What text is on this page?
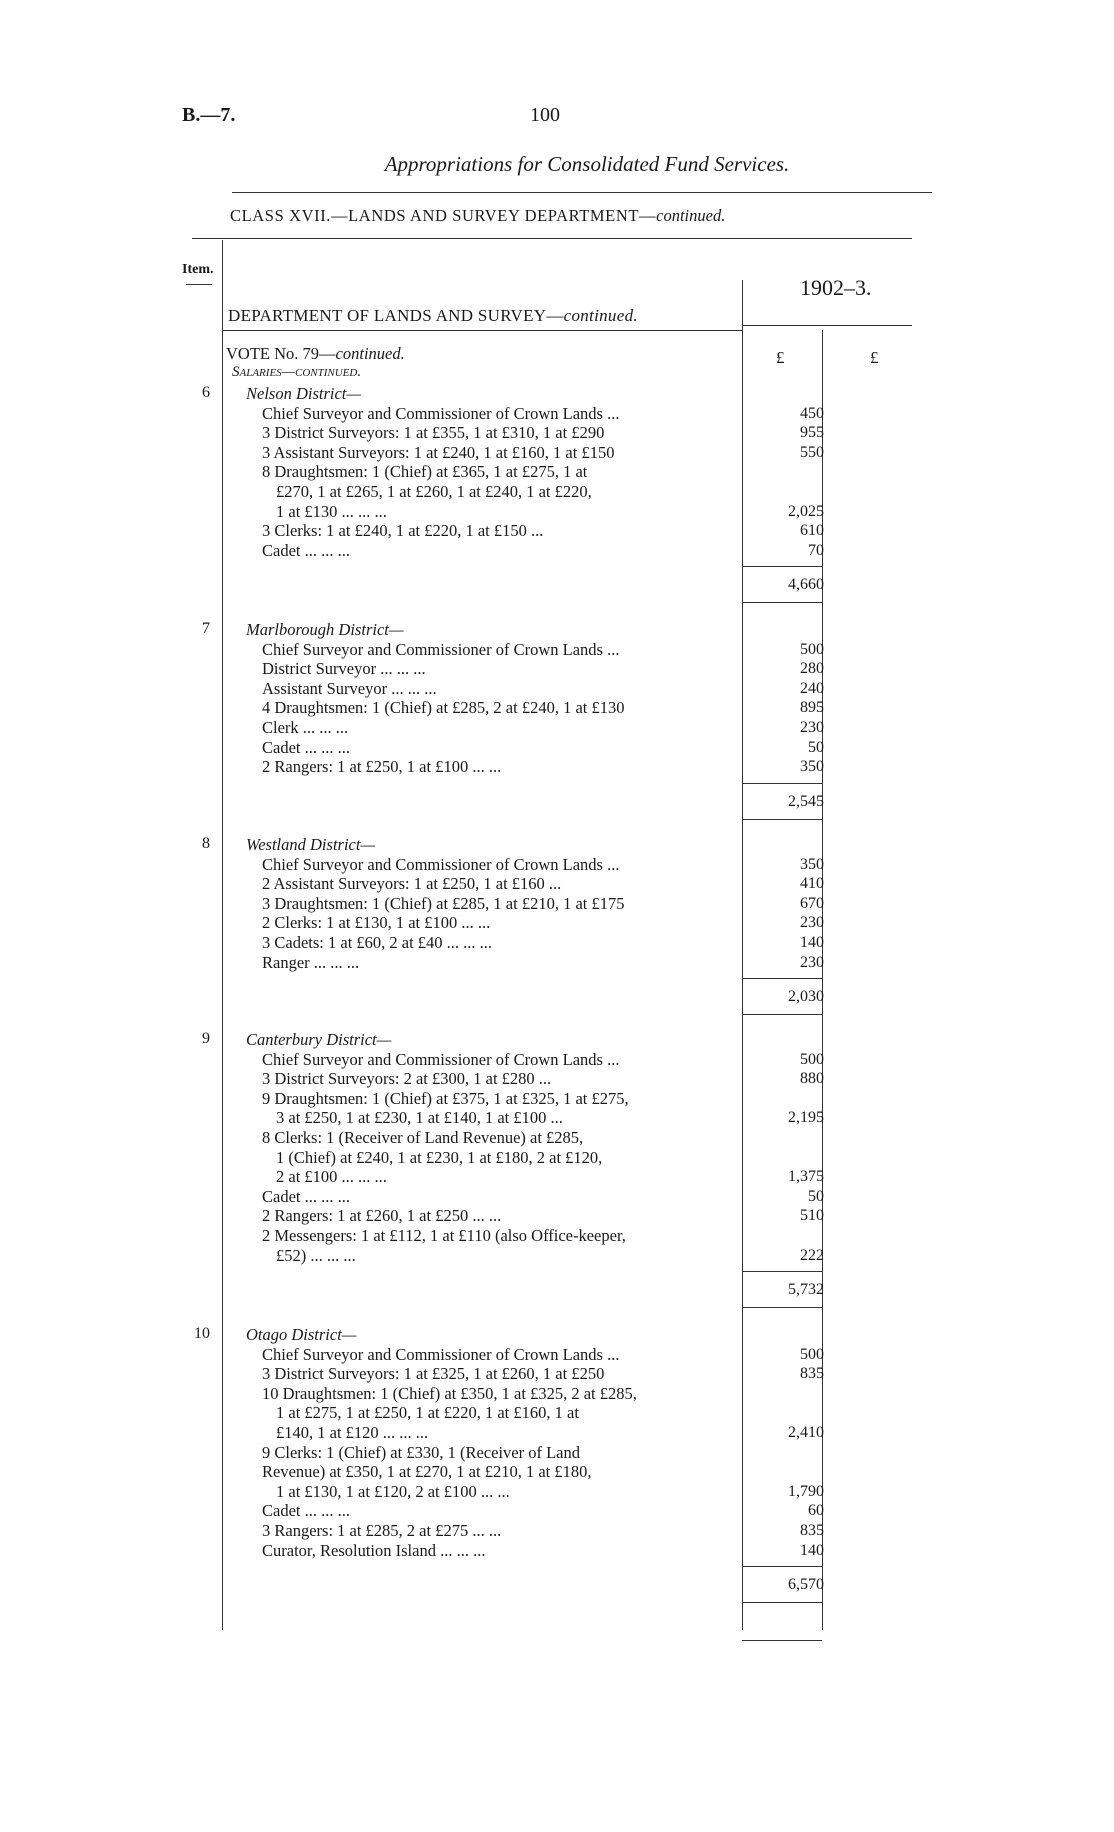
B.—7.	100
Appropriations for Consolidated Fund Services.
CLASS XVII.—LANDS AND SURVEY DEPARTMENT—continued.
Item.
1902–3.
DEPARTMENT OF LANDS AND SURVEY—continued.
£	£
VOTE No. 79—continued.
Salaries—continued.
6 Nelson District—
Chief Surveyor and Commissioner of Crown Lands ...	450
3 District Surveyors: 1 at £355, 1 at £310, 1 at £290	955
3 Assistant Surveyors: 1 at £240, 1 at £160, 1 at £150	550
8 Draughtsmen: 1 (Chief) at £365, 1 at £275, 1 at
£270, 1 at £265, 1 at £260, 1 at £240, 1 at £220,
1 at £130 ... ... ...	2,025
3 Clerks: 1 at £240, 1 at £220, 1 at £150 ...	610
Cadet ... ... ...	70
4,660
7 Marlborough District—
Chief Surveyor and Commissioner of Crown Lands ...	500
District Surveyor ... ... ...	280
Assistant Surveyor ... ... ...	240
4 Draughtsmen: 1 (Chief) at £285, 2 at £240, 1 at £130	895
Clerk ... ... ...	230
Cadet ... ... ...	50
2 Rangers: 1 at £250, 1 at £100 ... ...	350
2,545
8 Westland District—
Chief Surveyor and Commissioner of Crown Lands ...	350
2 Assistant Surveyors: 1 at £250, 1 at £160 ...	410
3 Draughtsmen: 1 (Chief) at £285, 1 at £210, 1 at £175	670
2 Clerks: 1 at £130, 1 at £100 ... ...	230
3 Cadets: 1 at £60, 2 at £40 ... ... ...	140
Ranger ... ... ...	230
2,030
9 Canterbury District—
Chief Surveyor and Commissioner of Crown Lands ...	500
3 District Surveyors: 2 at £300, 1 at £280 ...	880
9 Draughtsmen: 1 (Chief) at £375, 1 at £325, 1 at £275,
3 at £250, 1 at £230, 1 at £140, 1 at £100 ...	2,195
8 Clerks: 1 (Receiver of Land Revenue) at £285,
1 (Chief) at £240, 1 at £230, 1 at £180, 2 at £120,
2 at £100 ... ... ...	1,375
Cadet ... ... ...	50
2 Rangers: 1 at £260, 1 at £250 ... ...	510
2 Messengers: 1 at £112, 1 at £110 (also Office-keeper,
£52) ... ... ...	222
5,732
10 Otago District—
Chief Surveyor and Commissioner of Crown Lands ...	500
3 District Surveyors: 1 at £325, 1 at £260, 1 at £250	835
10 Draughtsmen: 1 (Chief) at £350, 1 at £325, 2 at £285,
1 at £275, 1 at £250, 1 at £220, 1 at £160, 1 at
£140, 1 at £120 ... ... ...	2,410
9 Clerks: 1 (Chief) at £330, 1 (Receiver of Land
Revenue) at £350, 1 at £270, 1 at £210, 1 at £180,
1 at £130, 1 at £120, 2 at £100 ... ...	1,790
Cadet ... ... ...	60
3 Rangers: 1 at £285, 2 at £275 ... ...	835
Curator, Resolution Island ... ... ...	140
6,570
